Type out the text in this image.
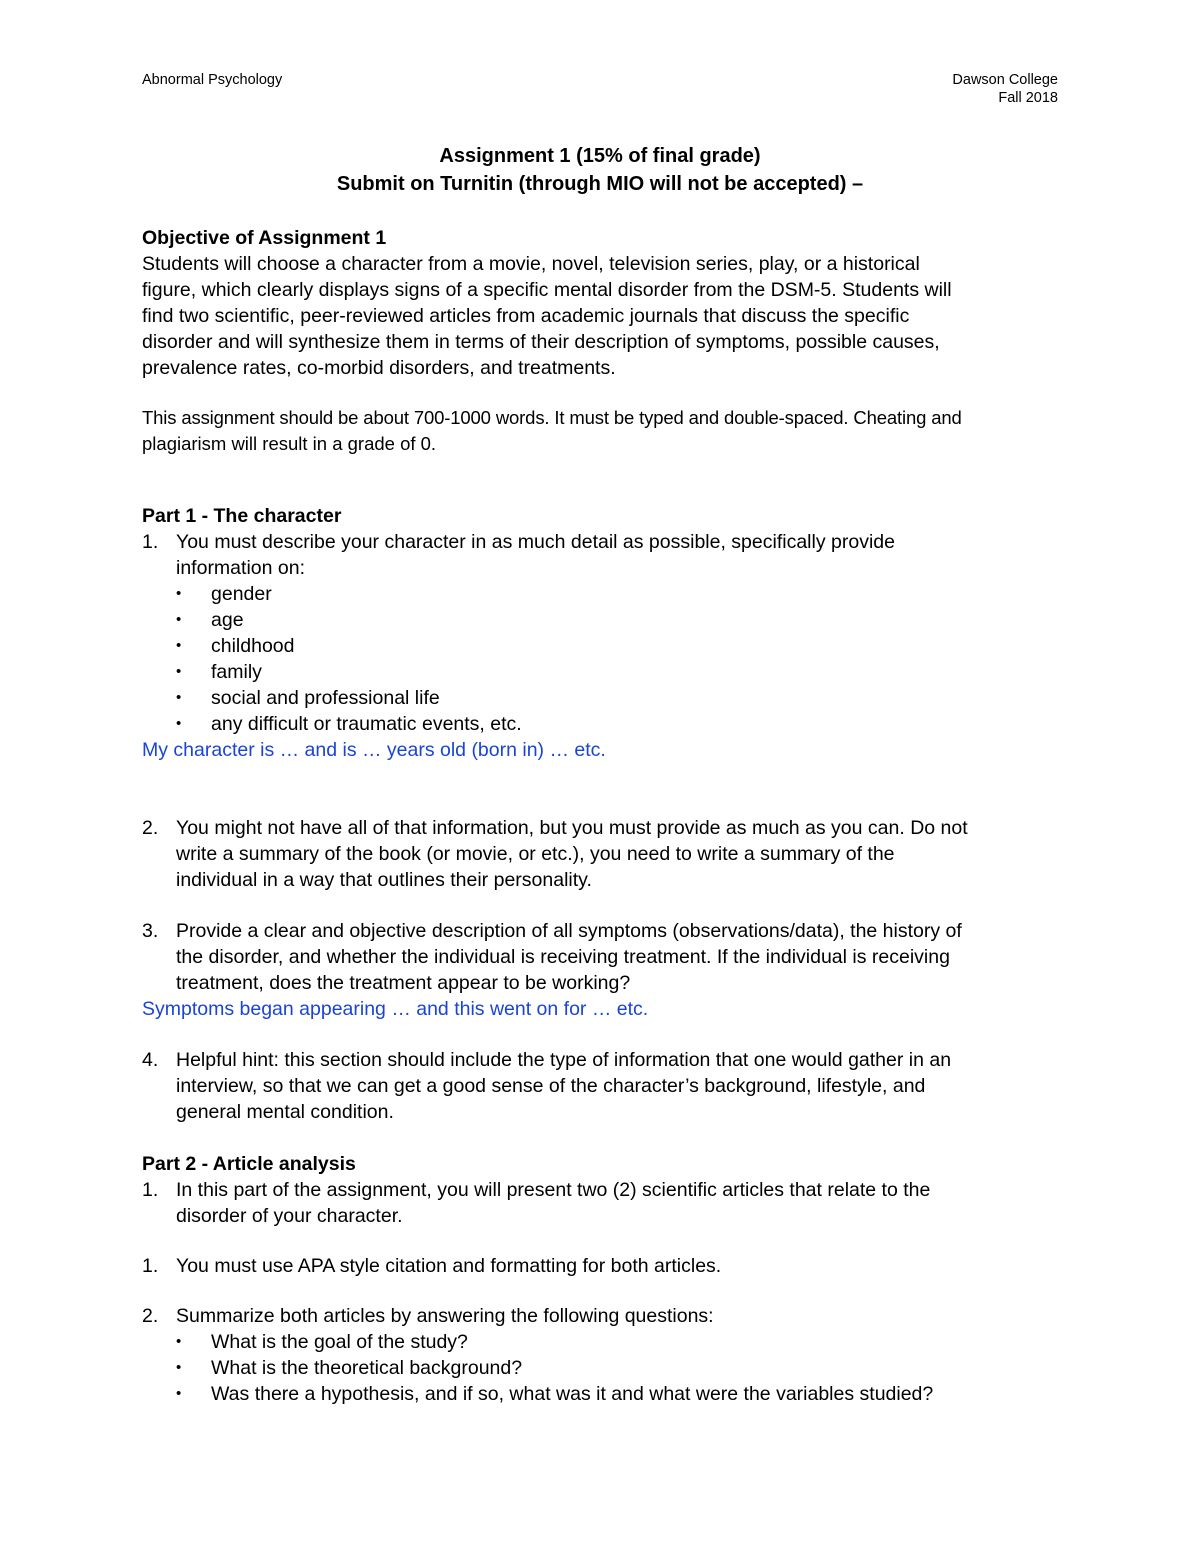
Abnormal Psychology	Dawson College
Fall 2018
Assignment 1 (15% of final grade)
Submit on Turnitin (through MIO will not be accepted) –
Objective of Assignment 1
Students will choose a character from a movie, novel, television series, play, or a historical
figure, which clearly displays signs of a specific mental disorder from the DSM-5. Students will
find two scientific, peer-reviewed articles from academic journals that discuss the specific
disorder and will synthesize them in terms of their description of symptoms, possible causes,
prevalence rates, co-morbid disorders, and treatments.
This assignment should be about 700-1000 words. It must be typed and double-spaced. Cheating and
plagiarism will result in a grade of 0.
Part 1 - The character
1. You must describe your character in as much detail as possible, specifically provide
information on:
• gender
• age
• childhood
• family
• social and professional life
• any difficult or traumatic events, etc.
My character is … and is … years old (born in) … etc.
2. You might not have all of that information, but you must provide as much as you can. Do not
write a summary of the book (or movie, or etc.), you need to write a summary of the
individual in a way that outlines their personality.
3. Provide a clear and objective description of all symptoms (observations/data), the history of
the disorder, and whether the individual is receiving treatment. If the individual is receiving
treatment, does the treatment appear to be working?
Symptoms began appearing … and this went on for … etc.
4. Helpful hint: this section should include the type of information that one would gather in an
interview, so that we can get a good sense of the character’s background, lifestyle, and
general mental condition.
Part 2 - Article analysis
1. In this part of the assignment, you will present two (2) scientific articles that relate to the
disorder of your character.
1. You must use APA style citation and formatting for both articles.
2. Summarize both articles by answering the following questions:
• What is the goal of the study?
• What is the theoretical background?
• Was there a hypothesis, and if so, what was it and what were the variables studied?
